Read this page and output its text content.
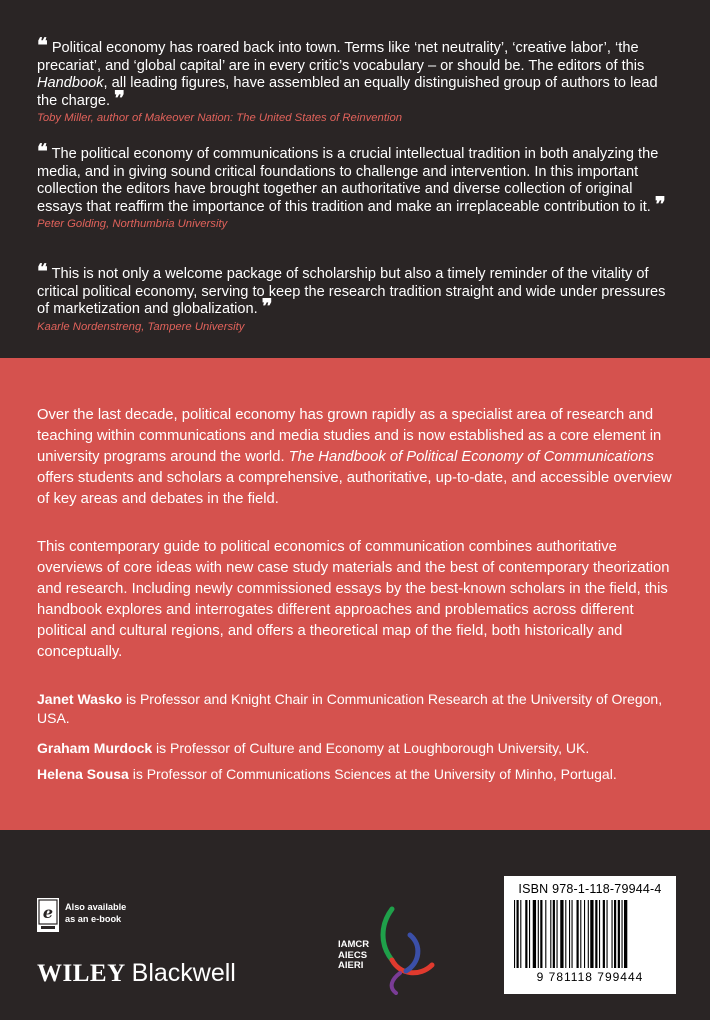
❝ Political economy has roared back into town. Terms like ‘net neutrality’, ‘creative labor’, ‘the precariat’, and ‘global capital’ are in every critic’s vocabulary – or should be. The editors of this Handbook, all leading figures, have assembled an equally distinguished group of authors to lead the charge. ❞
Toby Miller, author of Makeover Nation: The United States of Reinvention
❝ The political economy of communications is a crucial intellectual tradition in both analyzing the media, and in giving sound critical foundations to challenge and intervention. In this important collection the editors have brought together an authoritative and diverse collection of original essays that reaffirm the importance of this tradition and make an irreplaceable contribution to it. ❞
Peter Golding, Northumbria University
❝ This is not only a welcome package of scholarship but also a timely reminder of the vitality of critical political economy, serving to keep the research tradition straight and wide under pressures of marketization and globalization. ❞
Kaarle Nordenstreng, Tampere University
Over the last decade, political economy has grown rapidly as a specialist area of research and teaching within communications and media studies and is now established as a core element in university programs around the world. The Handbook of Political Economy of Communications offers students and scholars a comprehensive, authoritative, up-to-date, and accessible overview of key areas and debates in the field.
This contemporary guide to political economics of communication combines authoritative overviews of core ideas with new case study materials and the best of contemporary theorization and research. Including newly commissioned essays by the best-known scholars in the field, this handbook explores and interrogates different approaches and problematics across different political and cultural regions, and offers a theoretical map of the field, both historically and conceptually.
Janet Wasko is Professor and Knight Chair in Communication Research at the University of Oregon, USA.
Graham Murdock is Professor of Culture and Economy at Loughborough University, UK.
Helena Sousa is Professor of Communications Sciences at the University of Minho, Portugal.
e Also available
as an e-book
WILEY Blackwell
IAMCR
AIECS
AIERI
ISBN 978-1-118-79944-4
9 781118 799444
